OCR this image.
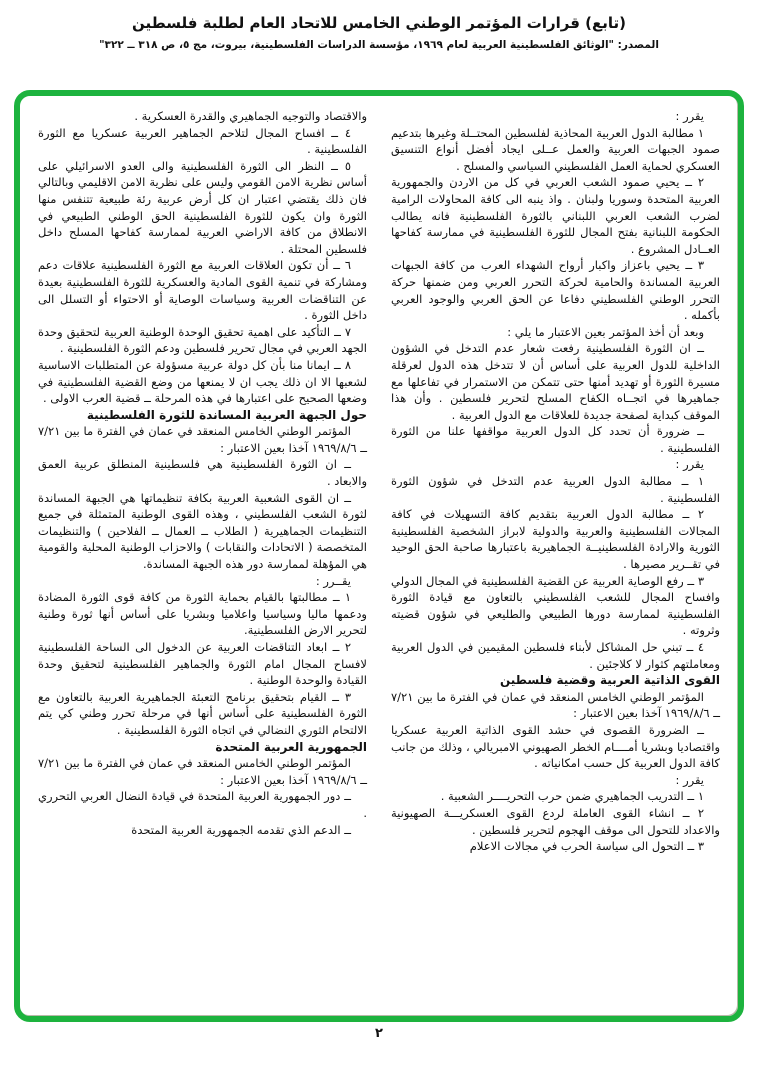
(تابع) قرارات المؤتمر الوطني الخامس للاتحاد العام لطلبة فلسطين
المصدر: "الوثائق الفلسطينية العربية لعام ١٩٦٩، مؤسسة الدراسات الفلسطينية، بيروت، مج ٥، ص ٣١٨ ــ ٣٢٢"

يقرر :

١ مطالبة الدول العربية المحاذية لفلسطين المحتــلة وغيرها بتدعيم صمود الجبهات العربية والعمل عــلى ايجاد أفضل أنواع التنسيق العسكري لحماية العمل الفلسطيني السياسي والمسلح .

٢ ــ يحيي صمود الشعب العربي في كل من الاردن والجمهورية العربية المتحدة وسوريا ولبنان . واذ ينبه الى كافة المحاولات الرامية لضرب الشعب العربي اللبناني بالثورة الفلسطينية فانه يطالب الحكومة اللبنانية بفتح المجال للثورة الفلسطينية في ممارسة كفاحها العــادل المشروع .

٣ ــ يحيي باعزاز واكبار أرواح الشهداء العرب من كافة الجبهات العربية المساندة والحامية لحركة التحرر العربي ومن ضمنها حركة التحرر الوطني الفلسطيني دفاعا عن الحق العربي والوجود العربي بأكمله .

وبعد أن أخذ المؤتمر بعين الاعتبار ما يلي :

ــ ان الثورة الفلسطينية رفعت شعار عدم التدخل في الشؤون الداخلية للدول العربية على أساس أن لا تتدخل هذه الدول لعرقلة مسيرة الثورة أو تهديد أمنها حتى تتمكن من الاستمرار في تفاعلها مع جماهيرها في اتجــاه الكفاح المسلح لتحرير فلسطين . وأن هذا الموقف كبداية لصفحة جديدة للعلاقات مع الدول العربية .

ــ ضرورة أن تحدد كل الدول العربية مواقفها علنا من الثورة الفلسطينية .

يقرر :

١ ــ مطالبة الدول العربية عدم التدخل في شؤون الثورة الفلسطينية .

٢ ــ مطالبة الدول العربية بتقديم كافة التسهيلات في كافة المجالات الفلسطينية والعربية والدولية لابراز الشخصية الفلسطينية الثورية والارادة الفلسطينيــة الجماهيرية باعتبارها صاحبة الحق الوحيد في تقــرير مصيرها .

٣ ــ رفع الوصاية العربية عن القضية الفلسطينية في المجال الدولي وافساح المجال للشعب الفلسطيني بالتعاون مع قيادة الثورة الفلسطينية لممارسة دورها الطبيعي والطليعي في شؤون قضيته وثروته .

٤ ــ تبني حل المشاكل لأبناء فلسطين المقيمين في الدول العربية ومعاملتهم كثوار لا كلاجئين .

القوى الذاتية العربية وقضية فلسطين

المؤتمر الوطني الخامس المنعقد في عمان في الفترة ما بين ٧/٢١ ــ ١٩٦٩/٨/٦ آخذا بعين الاعتبار :

ــ الضرورة القصوى في حشد القوى الذاتية العربية عسكريا واقتصاديا وبشريا أمــــام الخطر الصهيوني الامبريالي ، وذلك من جانب كافة الدول العربية كل حسب امكانياته .

يقرر :

١ ــ التدريب الجماهيري ضمن حرب التحريــــر الشعبية .

٢ ــ انشاء القوى العاملة لردع القوى العسكريـــة الصهيونية والاعداد للتحول الى موقف الهجوم لتحرير فلسطين .

٣ ــ التحول الى سياسة الحرب في مجالات الاعلام

والاقتصاد والتوجيه الجماهيري والقدرة العسكرية .

٤ ــ افساح المجال لتلاحم الجماهير العربية عسكريا مع الثورة الفلسطينية .

٥ ــ النظر الى الثورة الفلسطينية والى العدو الاسرائيلي على أساس نظرية الامن القومي وليس على نظرية الامن الاقليمي وبالتالي فان ذلك يقتضي اعتبار ان كل أرض عربية رئة طبيعية تتنفس منها الثورة وان يكون للثورة الفلسطينية الحق الوطني الطبيعي في الانطلاق من كافة الاراضي العربية لممارسة كفاحها المسلح داخل فلسطين المحتلة .

٦ ــ أن تكون العلاقات العربية مع الثورة الفلسطينية علاقات دعم ومشاركة في تنمية القوى المادية والعسكرية للثورة الفلسطينية بعيدة عن التناقضات العربية وسياسات الوصاية أو الاحتواء أو التسلل الى داخل الثورة .

٧ ــ التأكيد على اهمية تحقيق الوحدة الوطنية العربية لتحقيق وحدة الجهد العربي في مجال تحرير فلسطين ودعم الثورة الفلسطينية .

٨ ــ ايمانا منا بأن كل دولة عربية مسؤولة عن المتطلبات الاساسية لشعبها الا ان ذلك يجب ان لا يمنعها من وضع القضية الفلسطينية في وضعها الصحيح على اعتبارها في هذه المرحلة ــ قضية العرب الاولى .

حول الجبهة العربية المساندة للثورة الفلسطينية

المؤتمر الوطني الخامس المنعقد في عمان في الفترة ما بين ٧/٢١ ــ ١٩٦٩/٨/٦ آخذا بعين الاعتبار :

ــ ان الثورة الفلسطينية هي فلسطينية المنطلق عربية العمق والابعاد .

ــ ان القوى الشعبية العربية بكافة تنظيماتها هي الجبهة المساندة لثورة الشعب الفلسطيني ، وهذه القوى الوطنية المتمثلة في جميع التنظيمات الجماهيرية ( الطلاب ــ العمال ــ الفلاحين ) والتنظيمات المتخصصة ( الاتحادات والنقابات ) والاحزاب الوطنية المحلية والقومية هي المؤهلة لممارسة دور هذه الجبهة المساندة.

يقــرر :

١ ــ مطالبتها بالقيام بحماية الثورة من كافة قوى الثورة المضادة ودعمها ماليا وسياسيا واعلاميا وبشريا على أساس أنها ثورة وطنية لتحرير الارض الفلسطينية.

٢ ــ ابعاد التناقضات العربية عن الدخول الى الساحة الفلسطينية لافساح المجال امام الثورة والجماهير الفلسطينية لتحقيق وحدة القيادة والوحدة الوطنية .

٣ ــ القيام بتحقيق برنامج التعبئة الجماهيرية العربية بالتعاون مع الثورة الفلسطينية على أساس أنها في مرحلة تحرر وطني كي يتم الالتحام الثوري النضالي في اتجاه الثورة الفلسطينية .

الجمهورية العربية المتحدة

المؤتمر الوطني الخامس المنعقد في عمان في الفترة ما بين ٧/٢١ ــ ١٩٦٩/٨/٦ آخذا بعين الاعتبار :

ــ دور الجمهورية العربية المتحدة في قيادة النضال العربي التحرري .

ــ الدعم الذي تقدمه الجمهورية العربية المتحدة

٢
